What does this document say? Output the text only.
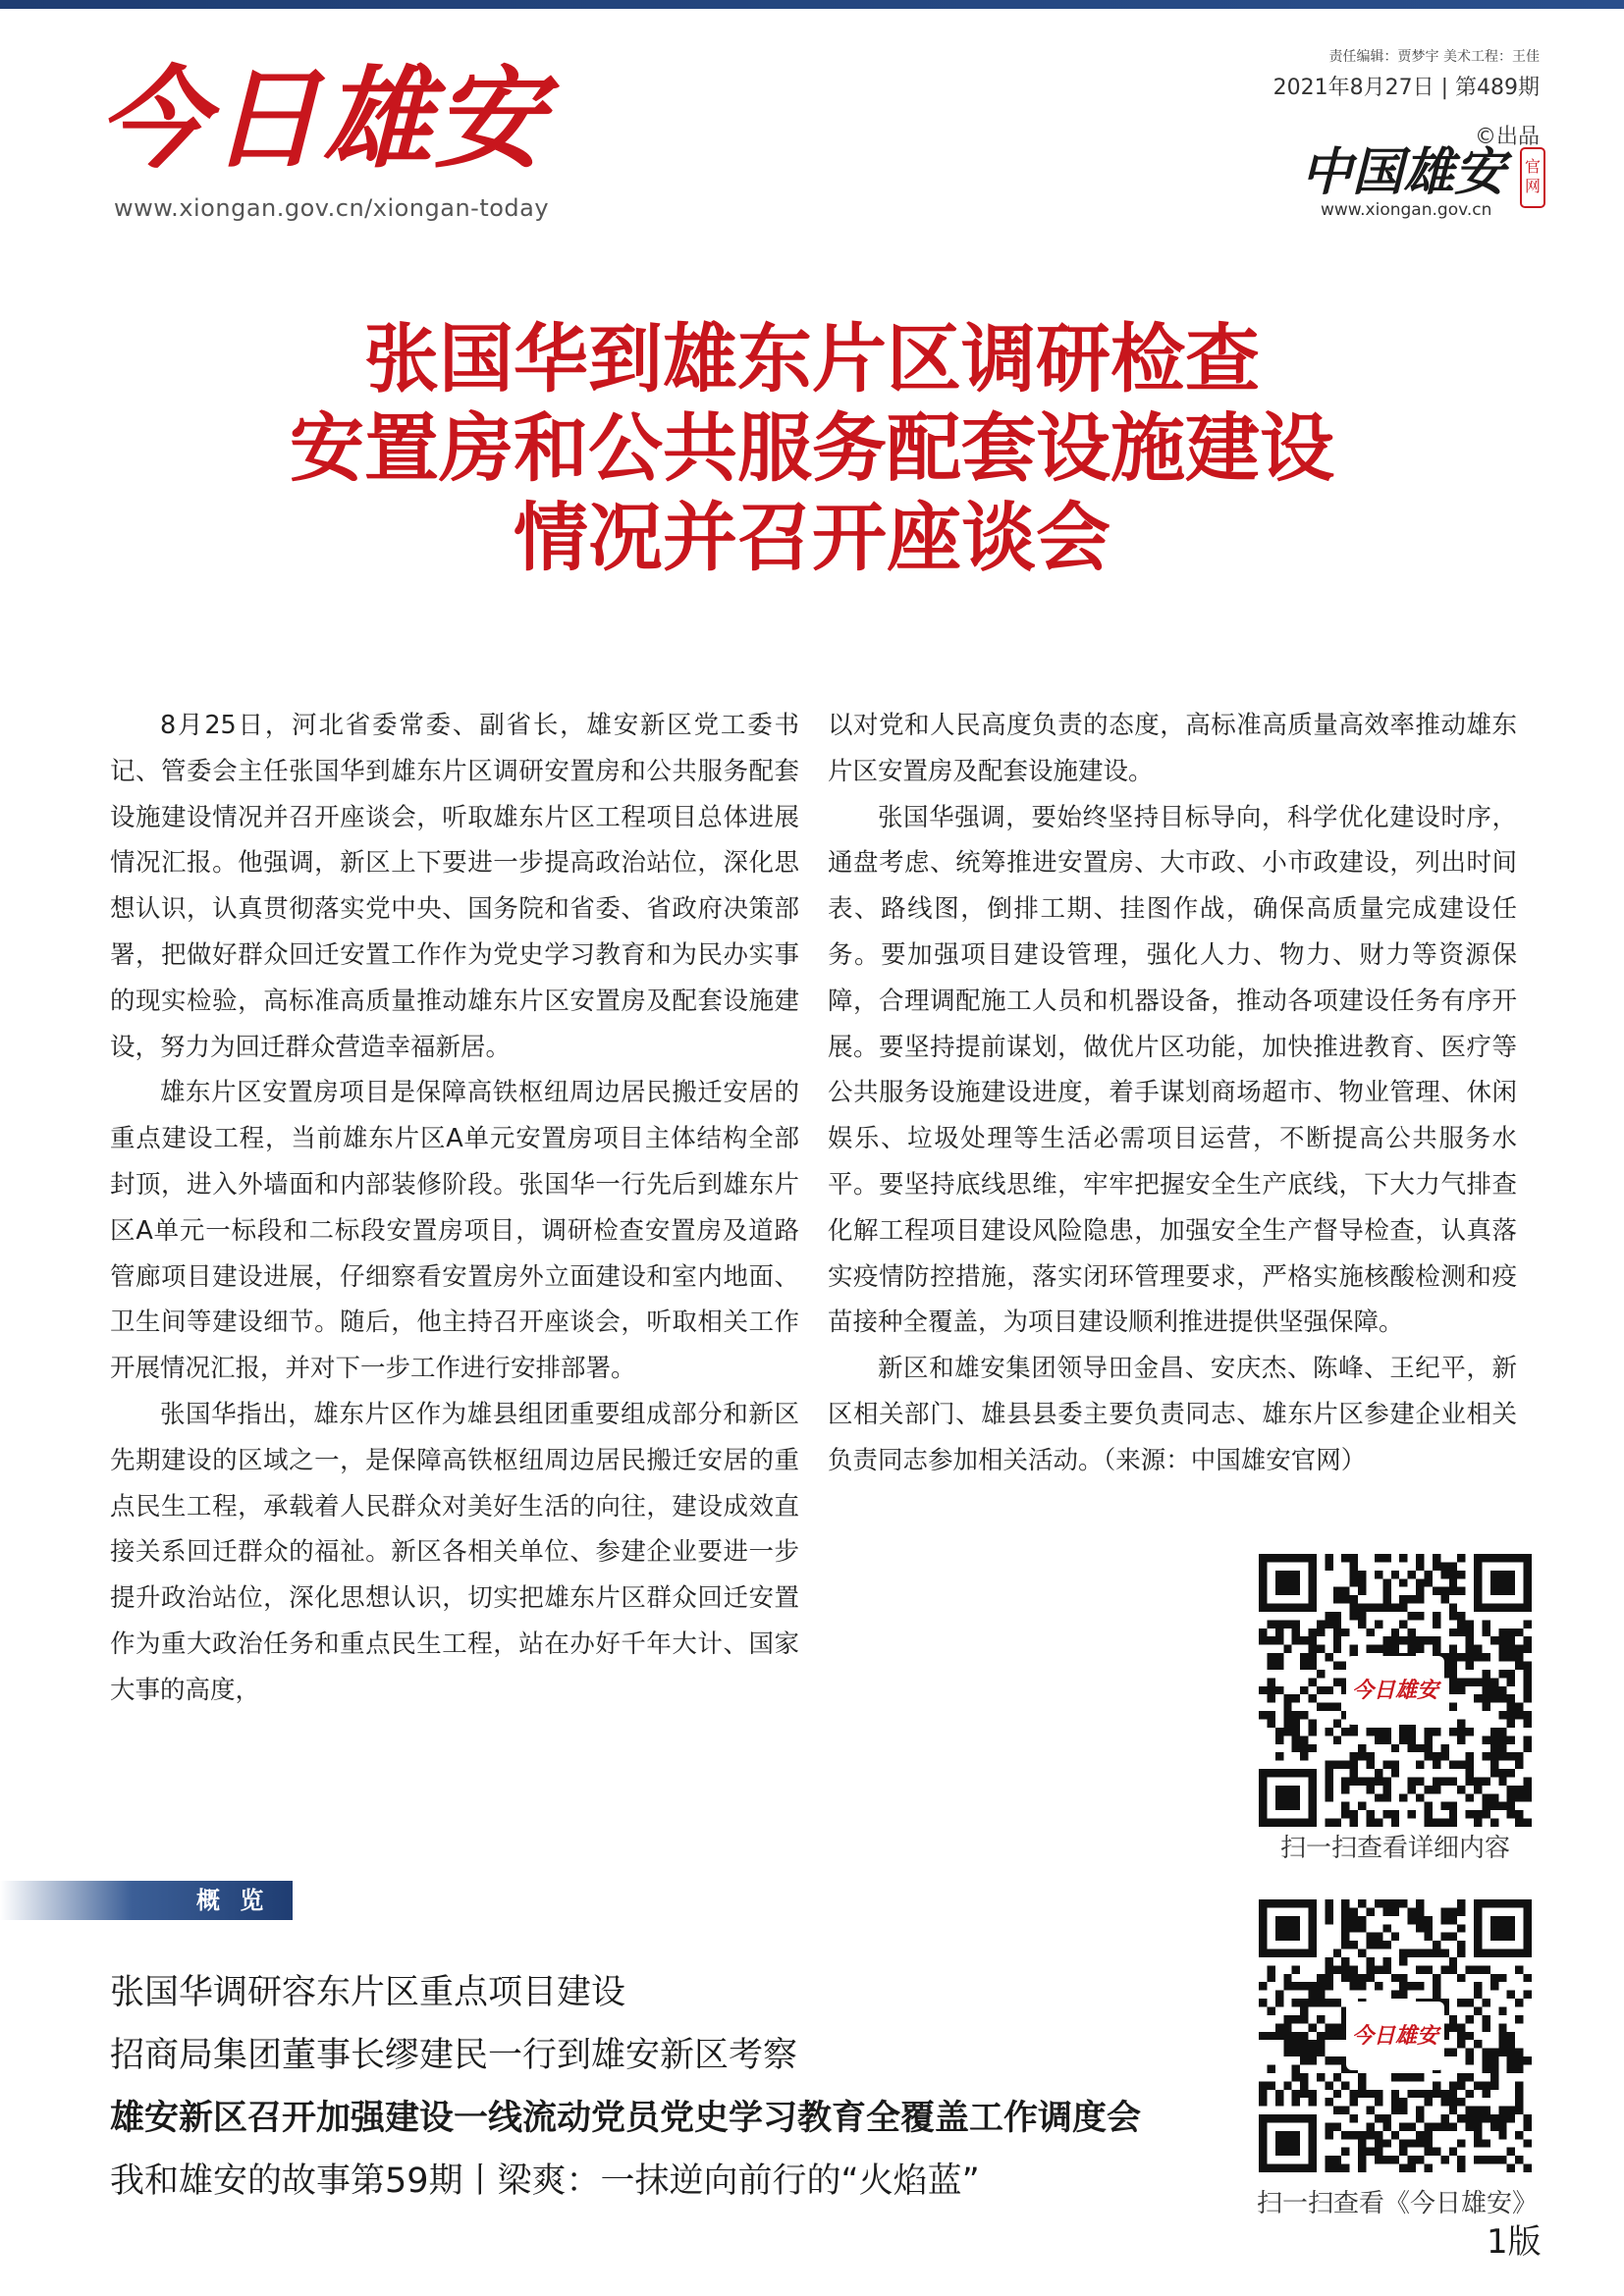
今日雄安
www.xiongan.gov.cn/xiongan-today
责任编辑：贾梦宇 美术工程：王佳
2021年8月27日 | 第489期
©出品
中国雄安	官网
www.xiongan.gov.cn
张国华到雄东片区调研检查
安置房和公共服务配套设施建设
情况并召开座谈会

8月25日，河北省委常委、副省长，雄安新区党工委书记、管委会主任张国华到雄东片区调研安置房和公共服务配套设施建设情况并召开座谈会，听取雄东片区工程项目总体进展情况汇报。他强调，新区上下要进一步提高政治站位，深化思想认识，认真贯彻落实党中央、国务院和省委、省政府决策部署，把做好群众回迁安置工作作为党史学习教育和为民办实事的现实检验，高标准高质量推动雄东片区安置房及配套设施建设，努力为回迁群众营造幸福新居。

雄东片区安置房项目是保障高铁枢纽周边居民搬迁安居的重点建设工程，当前雄东片区A单元安置房项目主体结构全部封顶，进入外墙面和内部装修阶段。张国华一行先后到雄东片区A单元一标段和二标段安置房项目，调研检查安置房及道路管廊项目建设进展，仔细察看安置房外立面建设和室内地面、卫生间等建设细节。随后，他主持召开座谈会，听取相关工作开展情况汇报，并对下一步工作进行安排部署。

张国华指出，雄东片区作为雄县组团重要组成部分和新区先期建设的区域之一，是保障高铁枢纽周边居民搬迁安居的重点民生工程，承载着人民群众对美好生活的向往，建设成效直接关系回迁群众的福祉。新区各相关单位、参建企业要进一步提升政治站位，深化思想认识，切实把雄东片区群众回迁安置作为重大政治任务和重点民生工程，站在办好千年大计、国家大事的高度，

以对党和人民高度负责的态度，高标准高质量高效率推动雄东片区安置房及配套设施建设。

张国华强调，要始终坚持目标导向，科学优化建设时序，通盘考虑、统筹推进安置房、大市政、小市政建设，列出时间表、路线图，倒排工期、挂图作战，确保高质量完成建设任务。要加强项目建设管理，强化人力、物力、财力等资源保障，合理调配施工人员和机器设备，推动各项建设任务有序开展。要坚持提前谋划，做优片区功能，加快推进教育、医疗等公共服务设施建设进度，着手谋划商场超市、物业管理、休闲娱乐、垃圾处理等生活必需项目运营，不断提高公共服务水平。要坚持底线思维，牢牢把握安全生产底线，下大力气排查化解工程项目建设风险隐患，加强安全生产督导检查，认真落实疫情防控措施，落实闭环管理要求，严格实施核酸检测和疫苗接种全覆盖，为项目建设顺利推进提供坚强保障。

新区和雄安集团领导田金昌、安庆杰、陈峰、王纪平，新区相关部门、雄县县委主要负责同志、雄东片区参建企业相关负责同志参加相关活动。（来源：中国雄安官网）

今日雄安
扫一扫查看详细内容
概 览
张国华调研容东片区重点项目建设
招商局集团董事长缪建民一行到雄安新区考察
雄安新区召开加强建设一线流动党员党史学习教育全覆盖工作调度会
我和雄安的故事第59期丨梁爽：一抹逆向前行的“火焰蓝”
今日雄安
扫一扫查看《今日雄安》
1版
